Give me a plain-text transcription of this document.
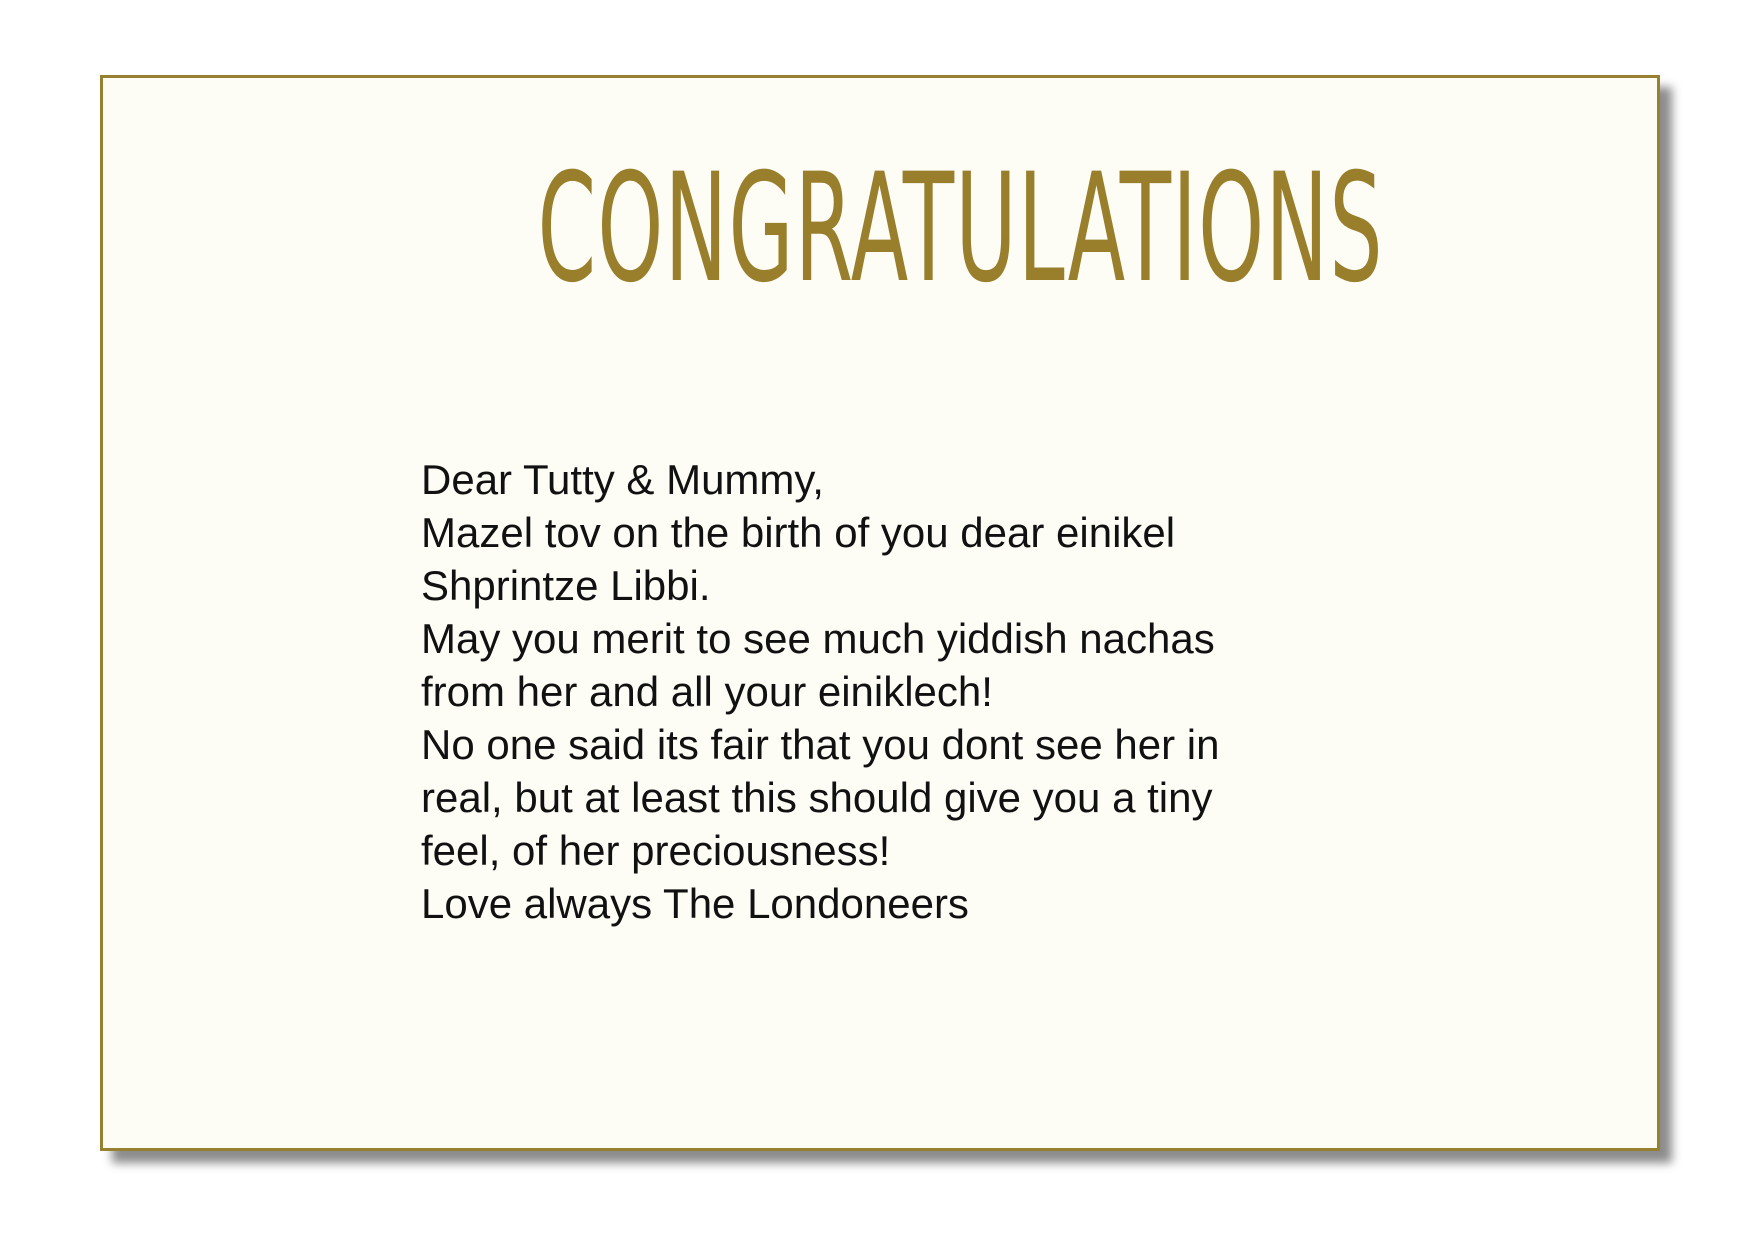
CONGRATULATIONS
Dear Tutty & Mummy,
Mazel tov on the birth of you dear einikel
Shprintze Libbi.
May you merit to see much yiddish nachas
from her and all your einiklech!
No one said its fair that you dont see her in
real, but at least this should give you a tiny
feel, of her preciousness!
Love always The Londoneers
